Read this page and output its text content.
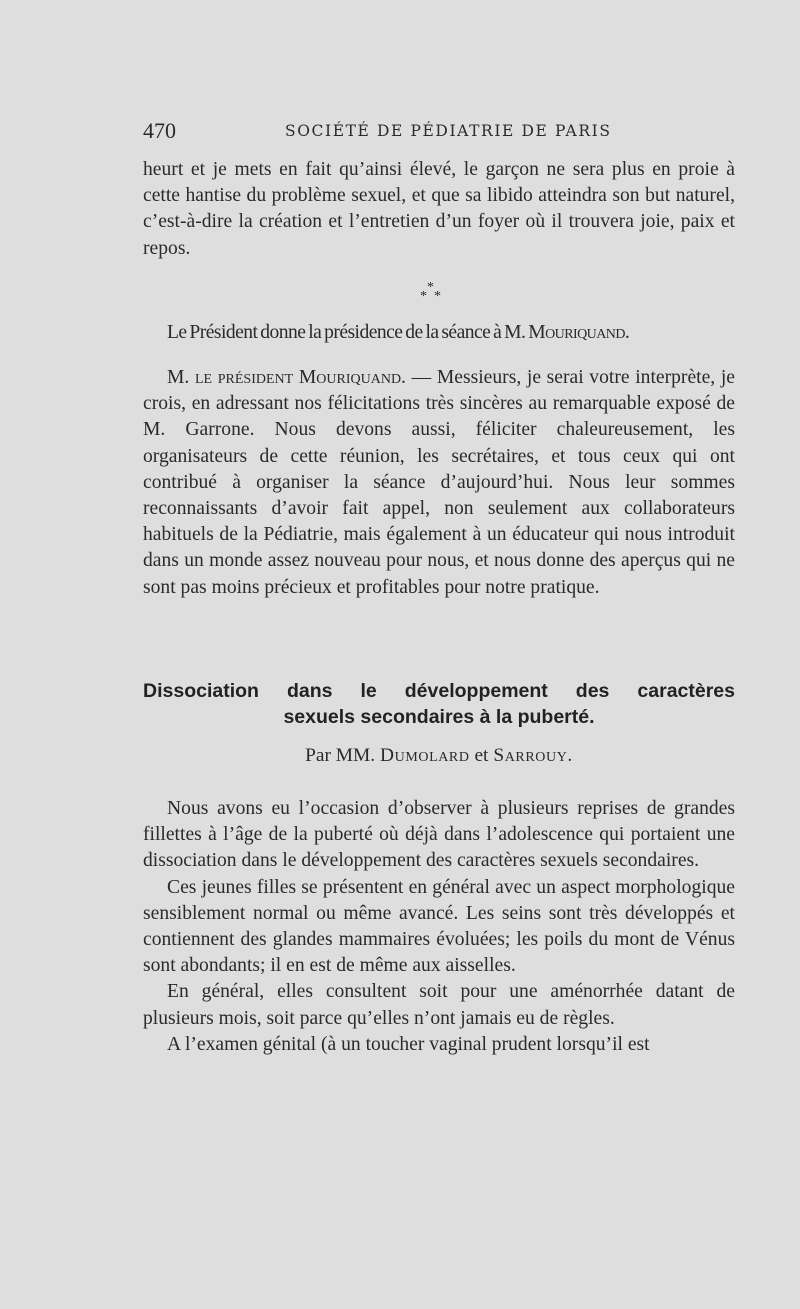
470	SOCIÉTÉ DE PÉDIATRIE DE PARIS

heurt et je mets en fait qu’ainsi élevé, le garçon ne sera plus en proie à cette hantise du problème sexuel, et que sa libido atteindra son but naturel, c’est-à-dire la création et l’entretien d’un foyer où il trouvera joie, paix et repos.

*
* *

Le Président donne la présidence de la séance à M. Mouriquand.

M. le président Mouriquand. — Messieurs, je serai votre interprète, je crois, en adressant nos félicitations très sincères au remarquable exposé de M. Garrone. Nous devons aussi, féliciter chaleureusement, les organisateurs de cette réunion, les secrétaires, et tous ceux qui ont contribué à organiser la séance d’aujourd’hui. Nous leur sommes reconnaissants d’avoir fait appel, non seulement aux collaborateurs habituels de la Pédiatrie, mais également à un éducateur qui nous introduit dans un monde assez nouveau pour nous, et nous donne des aperçus qui ne sont pas moins précieux et profitables pour notre pratique.

Dissociation dans le développement des caractères
sexuels secondaires à la puberté.
Par MM. Dumolard et Sarrouy.

Nous avons eu l’occasion d’observer à plusieurs reprises de grandes fillettes à l’âge de la puberté où déjà dans l’adolescence qui portaient une dissociation dans le développement des caractères sexuels secondaires.

Ces jeunes filles se présentent en général avec un aspect morphologique sensiblement normal ou même avancé. Les seins sont très développés et contiennent des glandes mammaires évoluées; les poils du mont de Vénus sont abondants; il en est de même aux aisselles.

En général, elles consultent soit pour une aménorrhée datant de plusieurs mois, soit parce qu’elles n’ont jamais eu de règles.

A l’examen génital (à un toucher vaginal prudent lorsqu’il est
